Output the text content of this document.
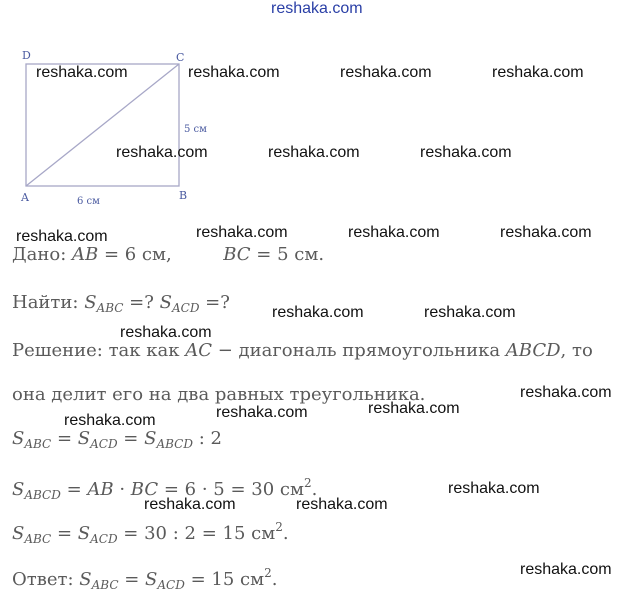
reshaka.com
D	C
A	B
5 см
6 см
reshaka.com	reshaka.com	reshaka.com	reshaka.com
reshaka.com	reshaka.com	reshaka.com
reshaka.com	reshaka.com	reshaka.com	reshaka.com
reshaka.com	reshaka.com
reshaka.com
reshaka.com
reshaka.com
reshaka.com	reshaka.com
reshaka.com
reshaka.com	reshaka.com
reshaka.com
Дано: AB = 6 см,	BC = 5 см.
Найти: $S_{ABC}$ =? $S_{ACD}$ =?
Решение: так как AC − диагональ прямоугольника ABCD, то
она делит его на два равных треугольника.
$S_{ABC} = S_{ACD} = S_{ABCD}$ : 2
$S_{ABCD}$ = AB · BC = 6 · 5 = 30 $см^2$.
$S_{ABC} = S_{ACD} = 30$ : 2 = 15 $см^2$.
Ответ: $S_{ABC} = S_{ACD} = 15$ $см^2$.
